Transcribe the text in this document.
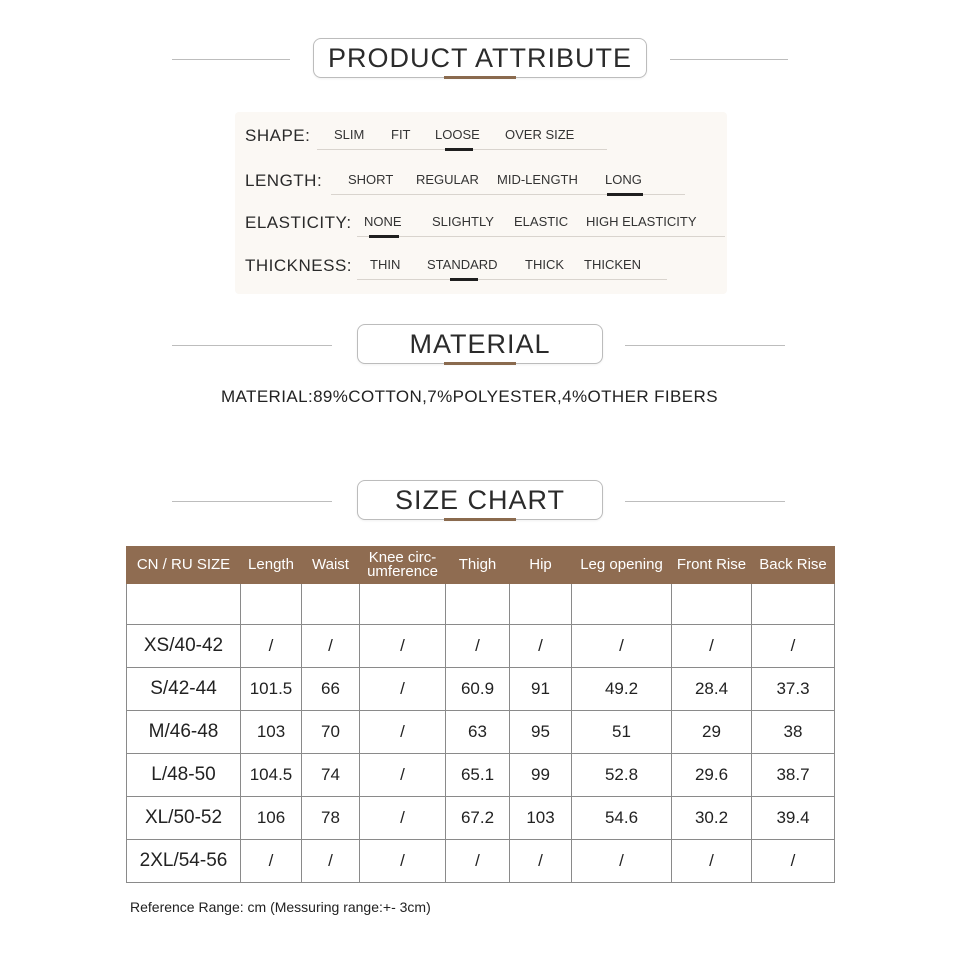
PRODUCT ATTRIBUTE
SHAPE: SLIM FIT LOOSE OVER SIZE
LENGTH: SHORT REGULAR MID-LENGTH LONG
ELASTICITY: NONE SLIGHTLY ELASTIC HIGH ELASTICITY
THICKNESS: THIN STANDARD THICK THICKEN
MATERIAL
MATERIAL:89%COTTON,7%POLYESTER,4%OTHER FIBERS
SIZE CHART
CN / RU SIZE	Length	Waist	Knee circ-
umference	Thigh	Hip	Leg opening	Front Rise	Back Rise

XS/40-42	/	/	/	/	/	/	/	/
S/42-44	101.5	66	/	60.9	91	49.2	28.4	37.3
M/46-48	103	70	/	63	95	51	29	38
L/48-50	104.5	74	/	65.1	99	52.8	29.6	38.7
XL/50-52	106	78	/	67.2	103	54.6	30.2	39.4
2XL/54-56	/	/	/	/	/	/	/	/
Reference Range: cm (Messuring range:+- 3cm)
